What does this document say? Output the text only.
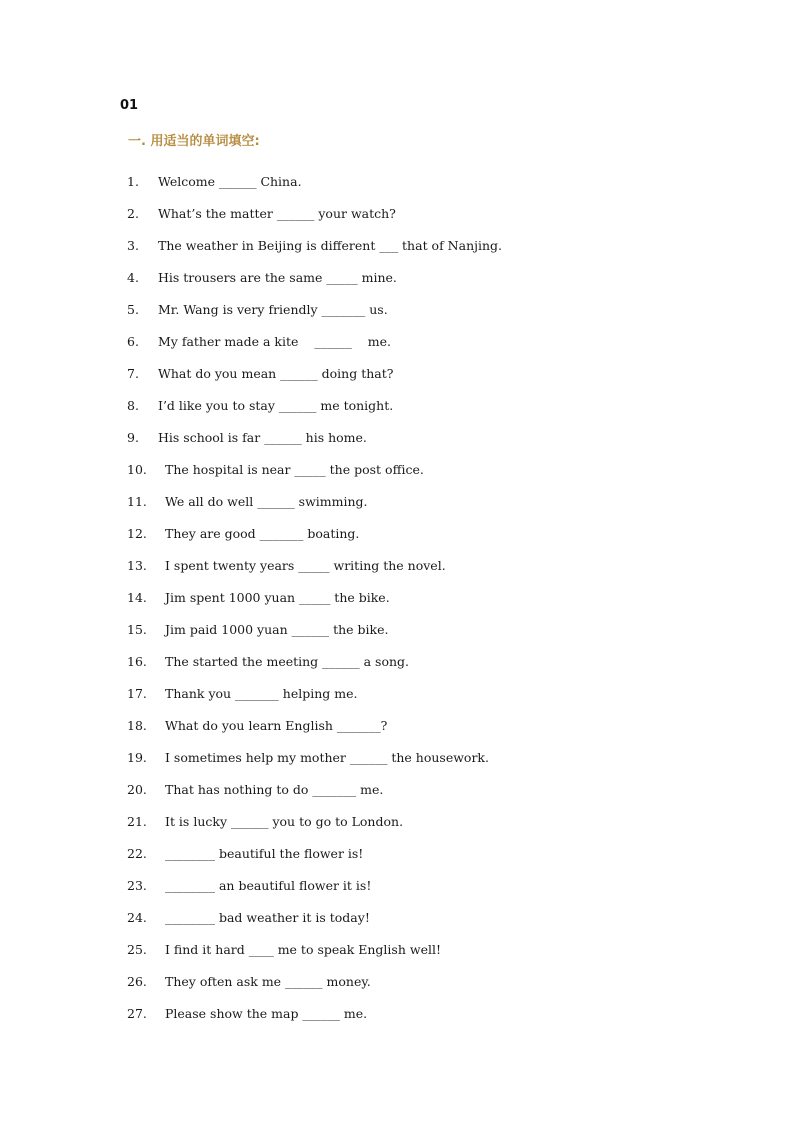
01
一. 用适当的单词填空:
1.	Welcome ______ China.
2.	What’s the matter ______ your watch?
3.	The weather in Beijing is different ___ that of Nanjing.
4.	His trousers are the same _____ mine.
5.	Mr. Wang is very friendly _______ us.
6.	My father made a kite    ______    me.
7.	What do you mean ______ doing that?
8.	I’d like you to stay ______ me tonight.
9.	His school is far ______ his home.
10.	The hospital is near _____ the post office.
11.	We all do well ______ swimming.
12.	They are good _______ boating.
13.	I spent twenty years _____ writing the novel.
14.	Jim spent 1000 yuan _____ the bike.
15.	Jim paid 1000 yuan ______ the bike.
16.	The started the meeting ______ a song.
17.	Thank you _______ helping me.
18.	What do you learn English _______?
19.	I sometimes help my mother ______ the housework.
20.	That has nothing to do _______ me.
21.	It is lucky ______ you to go to London.
22.	________ beautiful the flower is!
23.	________ an beautiful flower it is!
24.	________ bad weather it is today!
25.	I find it hard ____ me to speak English well!
26.	They often ask me ______ money.
27.	Please show the map ______ me.
